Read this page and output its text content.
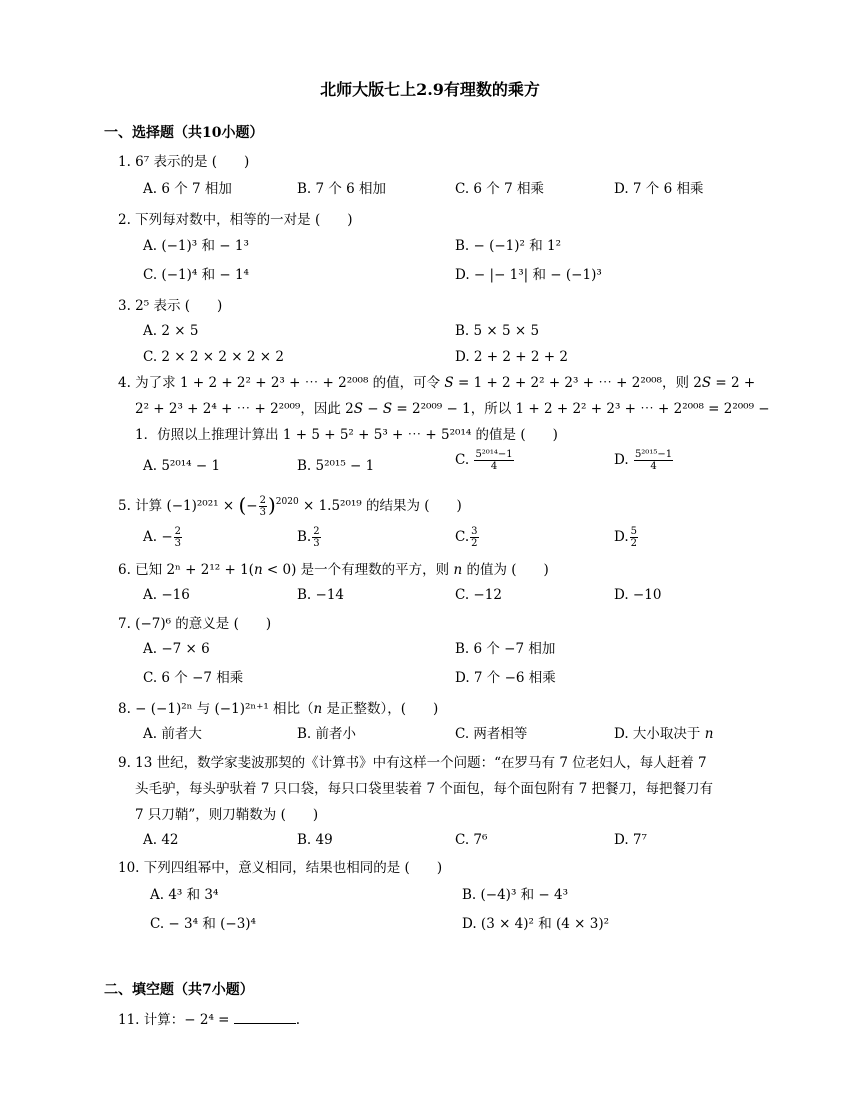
北师大版七上2.9有理数的乘方
一、选择题（共10小题）
1. 6⁷ 表示的是 (　　)
A. 6 个 7 相加	B. 7 个 6 相加	C. 6 个 7 相乘	D. 7 个 6 相乘
2. 下列每对数中，相等的一对是 (　　)
A. (−1)³ 和 − 1³	B. − (−1)² 和 1²
C. (−1)⁴ 和 − 1⁴	D. − |− 1³| 和 − (−1)³
3. 2⁵ 表示 (　　)
A. 2 × 5	B. 5 × 5 × 5
C. 2 × 2 × 2 × 2 × 2	D. 2 + 2 + 2 + 2
4. 为了求 1 + 2 + 2² + 2³ + ⋯ + 2²⁰⁰⁸ 的值，可令 𝑆 = 1 + 2 + 2² + 2³ + ⋯ + 2²⁰⁰⁸，则 2𝑆 = 2 +
2² + 2³ + 2⁴ + ⋯ + 2²⁰⁰⁹，因此 2𝑆 − 𝑆 = 2²⁰⁰⁹ − 1，所以 1 + 2 + 2² + 2³ + ⋯ + 2²⁰⁰⁸ = 2²⁰⁰⁹ −
1．仿照以上推理计算出 1 + 5 + 5² + 5³ + ⋯ + 5²⁰¹⁴ 的值是 (　　)
A. 5²⁰¹⁴ − 1	B. 5²⁰¹⁵ − 1	C. $\frac{\text{5²⁰¹⁴−1}}{4}$	D. $\frac{\text{5²⁰¹⁵−1}}{4}$
5. 计算 (−1)²⁰²¹ × (− $\frac{2}{3} )^{2020} \times 1.5^{2019}$ 的结果为 (　　)
A. − $\frac{2}{3}$	B. $\frac{2}{3}$	C. $\frac{3}{2}$	D. $\frac{5}{2}$
6. 已知 2ⁿ + 2¹² + 1(𝑛 < 0) 是一个有理数的平方，则 𝑛 的值为 (　　)
A. −16	B. −14	C. −12	D. −10
7. (−7)⁶ 的意义是 (　　)
A. −7 × 6	B. 6 个 −7 相加
C. 6 个 −7 相乘	D. 7 个 −6 相乘
8. − (−1)²ⁿ 与 (−1)²ⁿ⁺¹ 相比（𝑛 是正整数），(　　)
A. 前者大	B. 前者小	C. 两者相等	D. 大小取决于 𝑛
9. 13 世纪，数学家斐波那契的《计算书》中有这样一个问题：“在罗马有 7 位老妇人，每人赶着 7
头毛驴，每头驴驮着 7 只口袋，每只口袋里装着 7 个面包，每个面包附有 7 把餐刀，每把餐刀有
7 只刀鞘”，则刀鞘数为 (　　)
A. 42	B. 49	C. 7⁶	D. 7⁷
10. 下列四组幂中，意义相同，结果也相同的是 (　　)
A. 4³ 和 3⁴	B. (−4)³ 和 − 4³
C. − 3⁴ 和 (−3)⁴	D. (3 × 4)² 和 (4 × 3)²
二、填空题（共7小题）
11. 计算：− 2⁴ =	.
